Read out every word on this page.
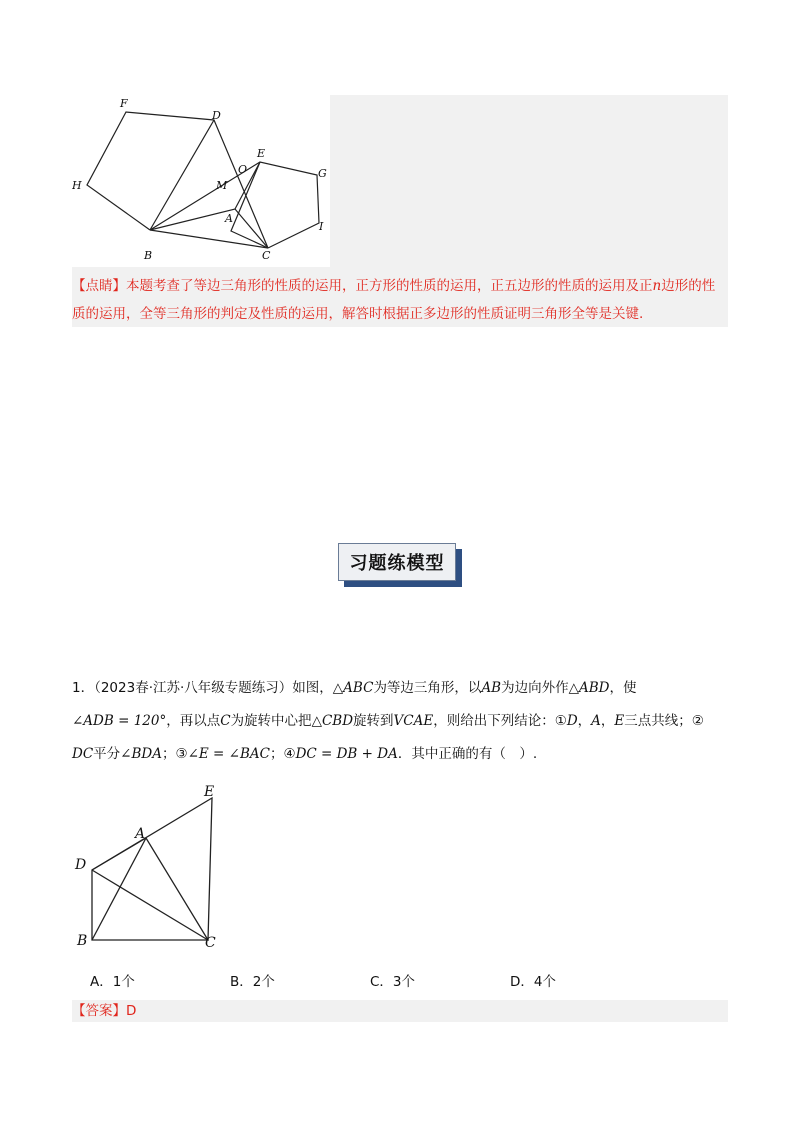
F
D
E
O	G
H	M
A
I
B	C
【点睛】本题考查了等边三角形的性质的运用，正方形的性质的运用，正五边形的性质的运用及正n边形的性质的运用，全等三角形的判定及性质的运用，解答时根据正多边形的性质证明三角形全等是关键.
习题练模型
1．（2023春·江苏·八年级专题练习）如图，△ABC为等边三角形，以AB为边向外作△ABD，使
∠ADB = 120°，再以点C为旋转中心把△CBD旋转到VCAE，则给出下列结论：①D，A，E三点共线；②
DC平分∠BDA；③∠E = ∠BAC；④DC = DB + DA．其中正确的有（　）.
E
A
D
B	C
A．1个	B．2个	C．3个	D．4个
【答案】D
